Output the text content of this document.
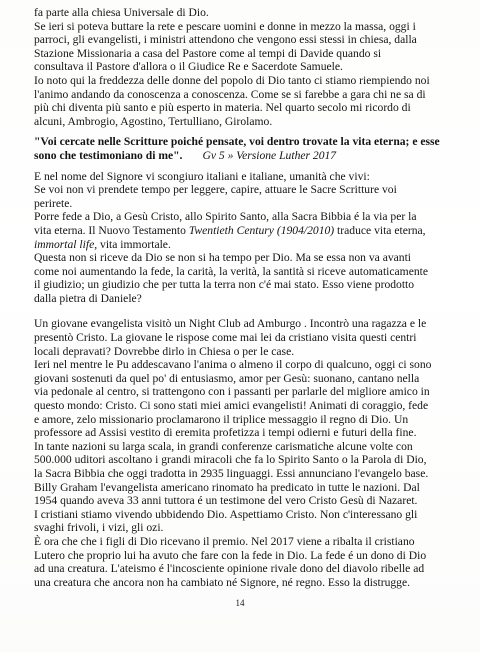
fa parte alla chiesa Universale di Dio.
Se ieri si poteva buttare la rete e pescare uomini e donne in mezzo la massa, oggi i
parroci, gli evangelisti, i ministri attendono che vengono essi stessi in chiesa, dalla
Stazione Missionaria a casa del Pastore come al tempi di Davide quando si
consultava il Pastore d'allora o il Giudice Re e Sacerdote Samuele.
Io noto qui la freddezza delle donne del popolo di Dio tanto ci stiamo riempiendo noi
l'animo andando da conoscenza a conoscenza. Come se si farebbe a gara chi ne sa di
più chi diventa più santo e più esperto in materia. Nel quarto secolo mi ricordo di
alcuni, Ambrogio, Agostino, Tertulliano, Girolamo.
"Voi cercate nelle Scritture poiché pensate, voi dentro trovate la vita eterna; e esse
sono che testimoniano di me". Gv 5 » Versione Luther 2017
E nel nome del Signore vi scongiuro italiani e italiane, umanità che vivi:
Se voi non vi prendete tempo per leggere, capire, attuare le Sacre Scritture voi
perirete.
Porre fede a Dio, a Gesù Cristo, allo Spirito Santo, alla Sacra Bibbia é la via per la
vita eterna. Il Nuovo Testamento Twentieth Century (1904/2010) traduce vita eterna,
immortal life, vita immortale.
Questa non si riceve da Dio se non si ha tempo per Dio. Ma se essa non va avanti
come noi aumentando la fede, la carità, la verità, la santità si riceve automaticamente
il giudizio; un giudizio che per tutta la terra non c'é mai stato. Esso viene prodotto
dalla pietra di Daniele?
Un giovane evangelista visitò un Night Club ad Amburgo . Incontrò una ragazza e le
presentò Cristo. La giovane le rispose come mai lei da cristiano visita questi centri
locali depravati? Dovrebbe dirlo in Chiesa o per le case.
Ieri nel mentre le Pu addescavano l'anima o almeno il corpo di qualcuno, oggi ci sono
giovani sostenuti da quel po' di entusiasmo, amor per Gesù: suonano, cantano nella
via pedonale al centro, si trattengono con i passanti per parlarle del migliore amico in
questo mondo: Cristo. Ci sono stati miei amici evangelisti! Animati di coraggio, fede
e amore, zelo missionario proclamarono il triplice messaggio il regno di Dio. Un
professore ad Assisi vestito di eremita profetizza i tempi odierni e futuri della fine.
In tante nazioni su larga scala, in grandi conferenze carismatiche alcune volte con
500.000 uditori ascoltano i grandi miracoli che fa lo Spirito Santo o la Parola di Dio,
la Sacra Bibbia che oggi tradotta in 2935 linguaggi. Essi annunciano l'evangelo base.
Billy Graham l'evangelista americano rinomato ha predicato in tutte le nazioni. Dal
1954 quando aveva 33 anni tuttora é un testimone del vero Cristo Gesù di Nazaret.
I cristiani stiamo vivendo ubbidendo Dio. Aspettiamo Cristo. Non c'interessano gli
svaghi frivoli, i vizi, gli ozi.
È ora che che i figli di Dio ricevano il premio. Nel 2017 viene a ribalta il cristiano
Lutero che proprio lui ha avuto che fare con la fede in Dio. La fede é un dono di Dio
ad una creatura. L'ateismo é l'incosciente opinione rivale dono del diavolo ribelle ad
una creatura che ancora non ha cambiato né Signore, né regno. Esso la distrugge.
14
